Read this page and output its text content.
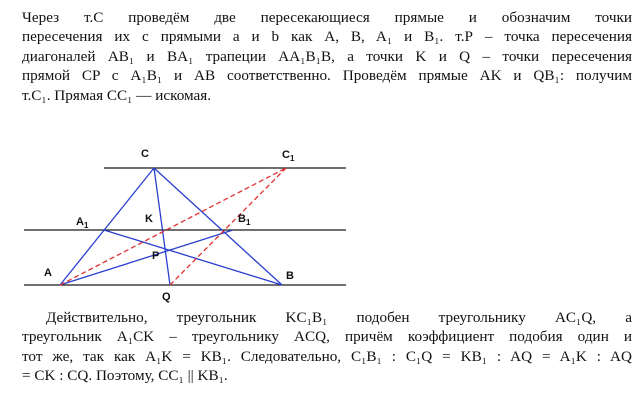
Через т.С проведём две пересекающиеся прямые и обозначим точки
пересечения их с прямыми a и b как A, B, A₁ и B₁. т.Р – точка пересечения
диагоналей AB₁ и BA₁ трапеции AA₁B₁B, а точки K и Q – точки пересечения
прямой CP с A₁B₁ и AB соответственно. Проведём прямые AK и QB₁: получим
т.С₁. Прямая CC₁ — искомая.
C	$C_1$
$A_1$
K	$B_1$
P
A	B
Q
Действительно, треугольник KC₁B₁ подобен треугольнику AC₁Q, а
треугольник A₁CK – треугольнику ACQ, причём коэффициент подобия один и
тот же, так как A₁K = KB₁. Следовательно, C₁B₁ : C₁Q = KB₁ : AQ = A₁K : AQ
= CK : CQ. Поэтому, CC₁ || KB₁.
